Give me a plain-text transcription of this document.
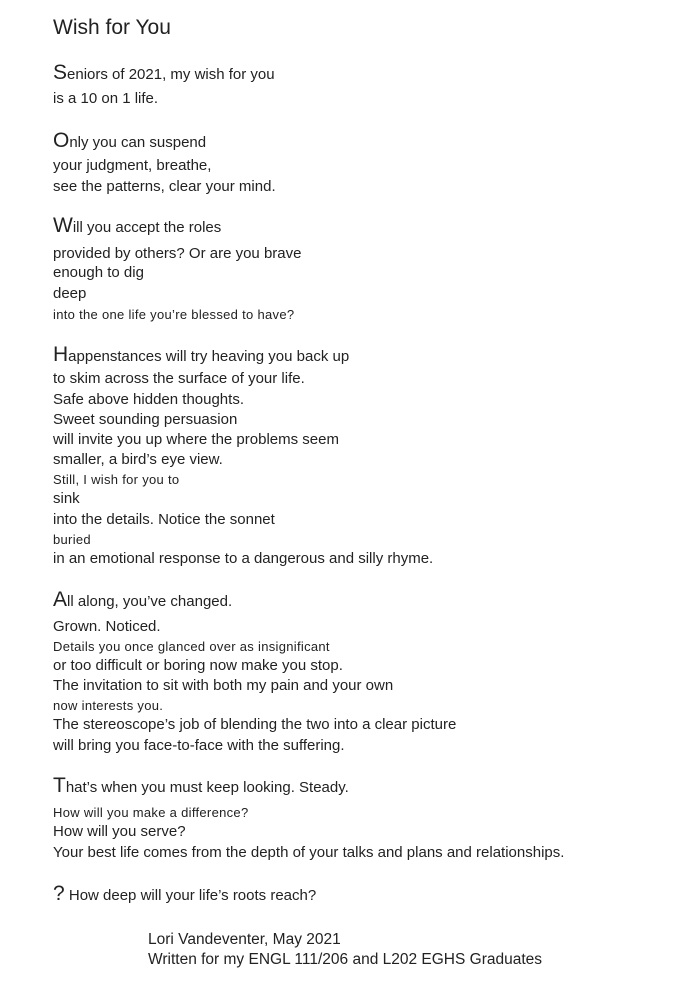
Wish for You
Seniors of 2021, my wish for you
is a 10 on 1 life.
Only you can suspend
your judgment, breathe,
see the patterns, clear your mind.
Will you accept the roles
provided by others? Or are you brave
enough to dig
deep
into the one life you’re blessed to have?
Happenstances will try heaving you back up
to skim across the surface of your life.
Safe above hidden thoughts.
Sweet sounding persuasion
will invite you up where the problems seem
smaller, a bird’s eye view.
Still, I wish for you to
sink
into the details. Notice the sonnet
buried
in an emotional response to a dangerous and silly rhyme.
All along, you’ve changed.
Grown. Noticed.
Details you once glanced over as insignificant
or too difficult or boring now make you stop.
The invitation to sit with both my pain and your own
now interests you.
The stereoscope’s job of blending the two into a clear picture
will bring you face-to-face with the suffering.
That’s when you must keep looking. Steady.
How will you make a difference?
How will you serve?
Your best life comes from the depth of your talks and plans and relationships.
? How deep will your life’s roots reach?
Lori Vandeventer, May 2021
Written for my ENGL 111/206 and L202 EGHS Graduates
